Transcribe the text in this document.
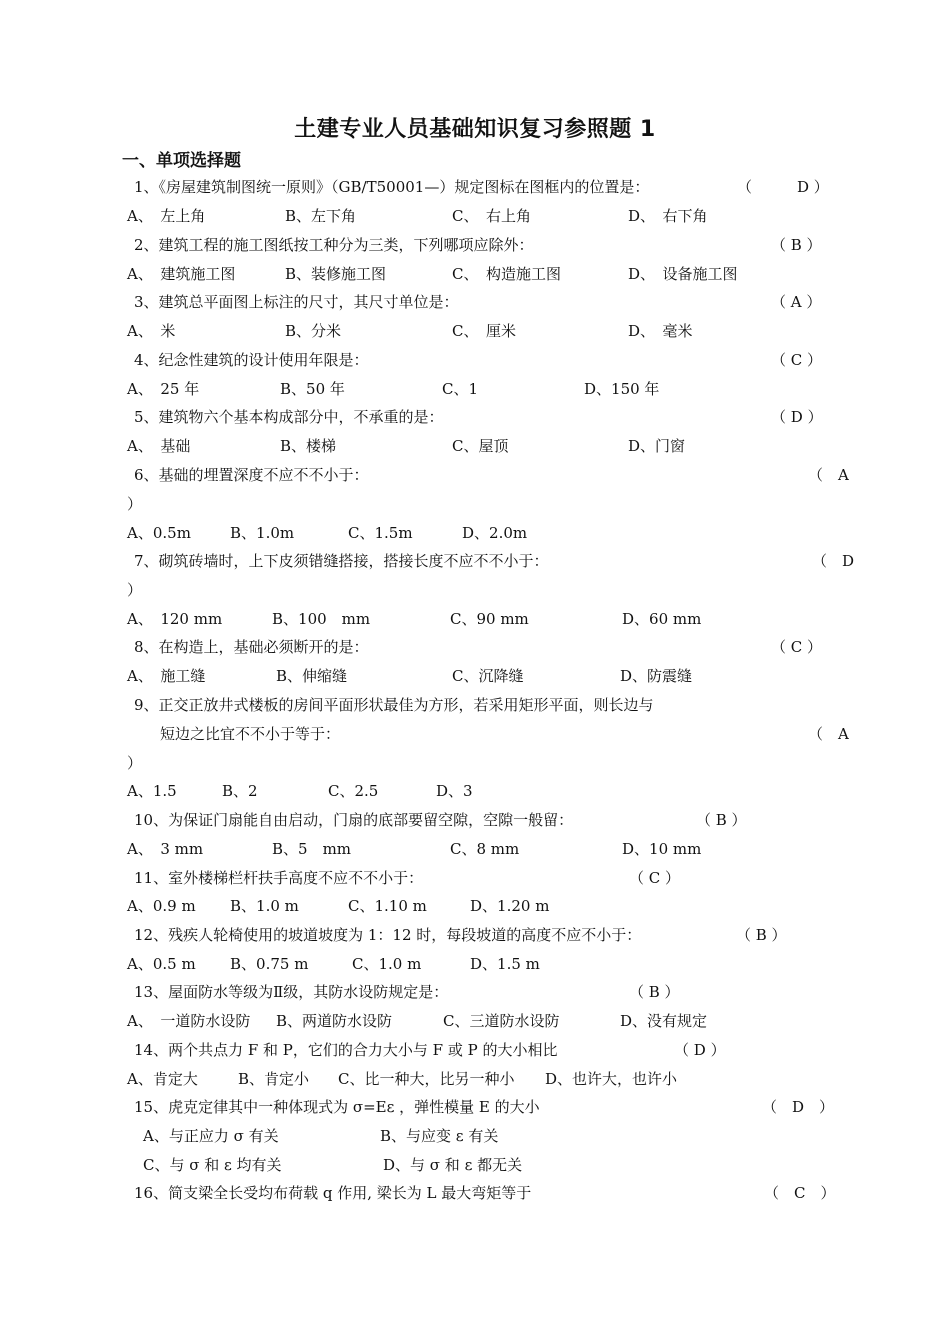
土建专业人员基础知识复习参照题 1
一、单项选择题
1、《房屋建筑制图统一原则》（GB/T50001—）规定图标在图框内的位置是：	（　　　D ）
A、　左上角	B、左下角	C、　右上角	D、　右下角
2、建筑工程的施工图纸按工种分为三类，下列哪项应除外：	（ B ）
A、　建筑施工图	B、装修施工图	C、　构造施工图	D、　设备施工图
3、建筑总平面图上标注的尺寸，其尺寸单位是：	（ A ）
A、　米	B、分米	C、　厘米	D、　毫米
4、纪念性建筑的设计使用年限是：	（ C ）
A、　25 年	B、50 年	C、1	D、150 年
5、建筑物六个基本构成部分中，不承重的是：	（ D ）
A、　基础	B、楼梯	C、屋顶	D、门窗
6、基础的埋置深度不应不不小于：	（　A
）
A、0.5m	B、1.0m	C、1.5m	D、2.0m
7、砌筑砖墙时，上下皮须错缝搭接，搭接长度不应不不小于：	（　D
）
A、　120 mm	B、100　mm	C、90 mm	D、60 mm
8、在构造上，基础必须断开的是：	（ C ）
A、　施工缝	B、伸缩缝	C、沉降缝	D、防震缝
9、正交正放井式楼板的房间平面形状最佳为方形，若采用矩形平面，则长边与
短边之比宜不不小于等于：	（　A
）
A、1.5	B、2	C、2.5	D、3
10、为保证门扇能自由启动，门扇的底部要留空隙，空隙一般留：	（ B ）
A、　3 mm	B、5　mm	C、8 mm	D、10 mm
11、室外楼梯栏杆扶手高度不应不不小于：	（ C ）
A、0.9 m B、1.0 m	C、1.10 m	D、1.20 m
12、残疾人轮椅使用的坡道坡度为 1：12 时，每段坡道的高度不应不小于：	（ B ）
A、0.5 m B、0.75 m	C、1.0 m	D、1.5 m
13、屋面防水等级为Ⅱ级，其防水设防规定是：	（ B ）
A、　一道防水设防 B、两道防水设防	C、三道防水设防	D、没有规定
14、两个共点力 F 和 P，它们的合力大小与 F 或 P 的大小相比	（ D ）
A、肯定大	B、肯定小 C、比一种大，比另一种小 D、也许大，也许小
15、虎克定律其中一种体现式为 σ=Eε ，弹性模量 E 的大小	（　D　）
A、与正应力 σ 有关	B、与应变 ε 有关
C、与 σ 和 ε 均有关	D、与 σ 和 ε 都无关
16、简支梁全长受均布荷载 q 作用, 梁长为 L 最大弯矩等于	（　C　）
